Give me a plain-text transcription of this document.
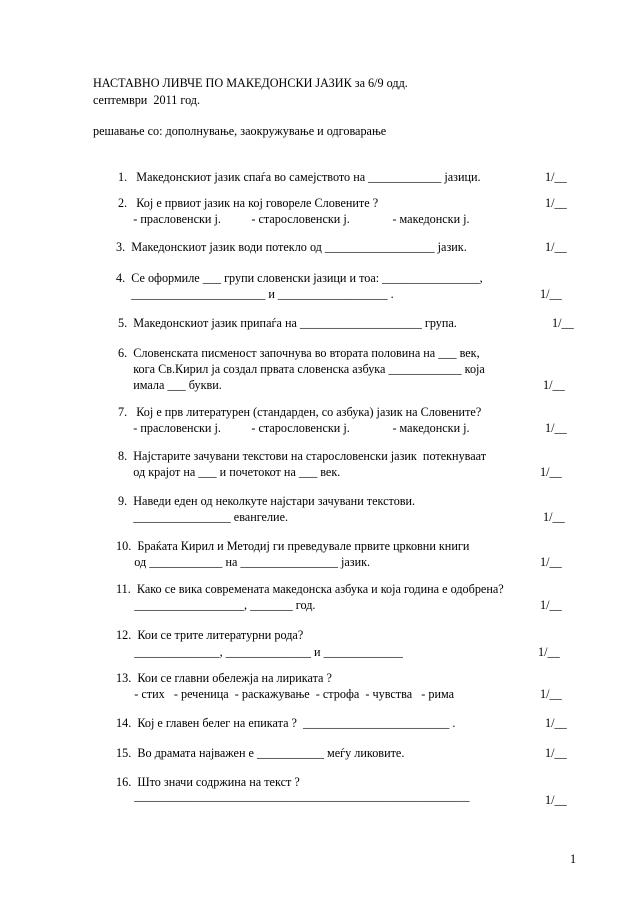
НАСТАВНО ЛИВЧЕ ПО МАКЕДОНСКИ ЈАЗИК за 6/9 одд.
септември  2011 год.
решавање со: дополнување, заокружување и одговарање
1.   Македонскиот јазик спаѓа во самејството на ____________ јазици.	1/__
2.   Кој е првиот јазик на кој говореле Словените ?
- прасловенски ј.          - старословенски ј.              - македонски ј.
1/__
3.  Македонскиот јазик води потекло од __________________ јазик.	1/__
4.  Се оформиле ___ групи словенски јазици и тоа: ________________,
______________________ и __________________ .	1/__
5.  Македонскиот јазик припаѓа на ____________________ група.	1/__
6.  Словенската писменост започнува во втората половина на ___ век,
кога Св.Кирил ја создал првата словенска азбука ____________ која
имала ___ букви.	1/__
7.   Кој е прв литературен (стандарден, со азбука) јазик на Словените?
- прасловенски ј.          - старословенски ј.              - македонски ј.	1/__
8.  Најстарите зачувани текстови на старословенски јазик  потекнуваат
од крајот на ___ и почетокот на ___ век.	1/__
9.  Наведи еден од неколкуте најстари зачувани текстови.
________________ евангелие.	1/__
10.  Браќата Кирил и Методиј ги преведувале првите црковни книги
од ____________ на ________________ јазик.	1/__
11.  Како се вика современата македонска азбука и која година е одобрена?
__________________, _______ год.	1/__
12.  Кои се трите литературни рода?
______________, ______________ и _____________	1/__
13.  Кои се главни обележја на лириката ?
- стих   - реченица  - раскажување  - строфа  - чувства   - рима	1/__
14.  Кој е главен белег на епиката ?  ________________________ .	1/__
15.  Во драмата најважен е ___________ меѓу ликовите.	1/__
16.  Што значи содржина на текст ?
_______________________________________________________	1/__
1
